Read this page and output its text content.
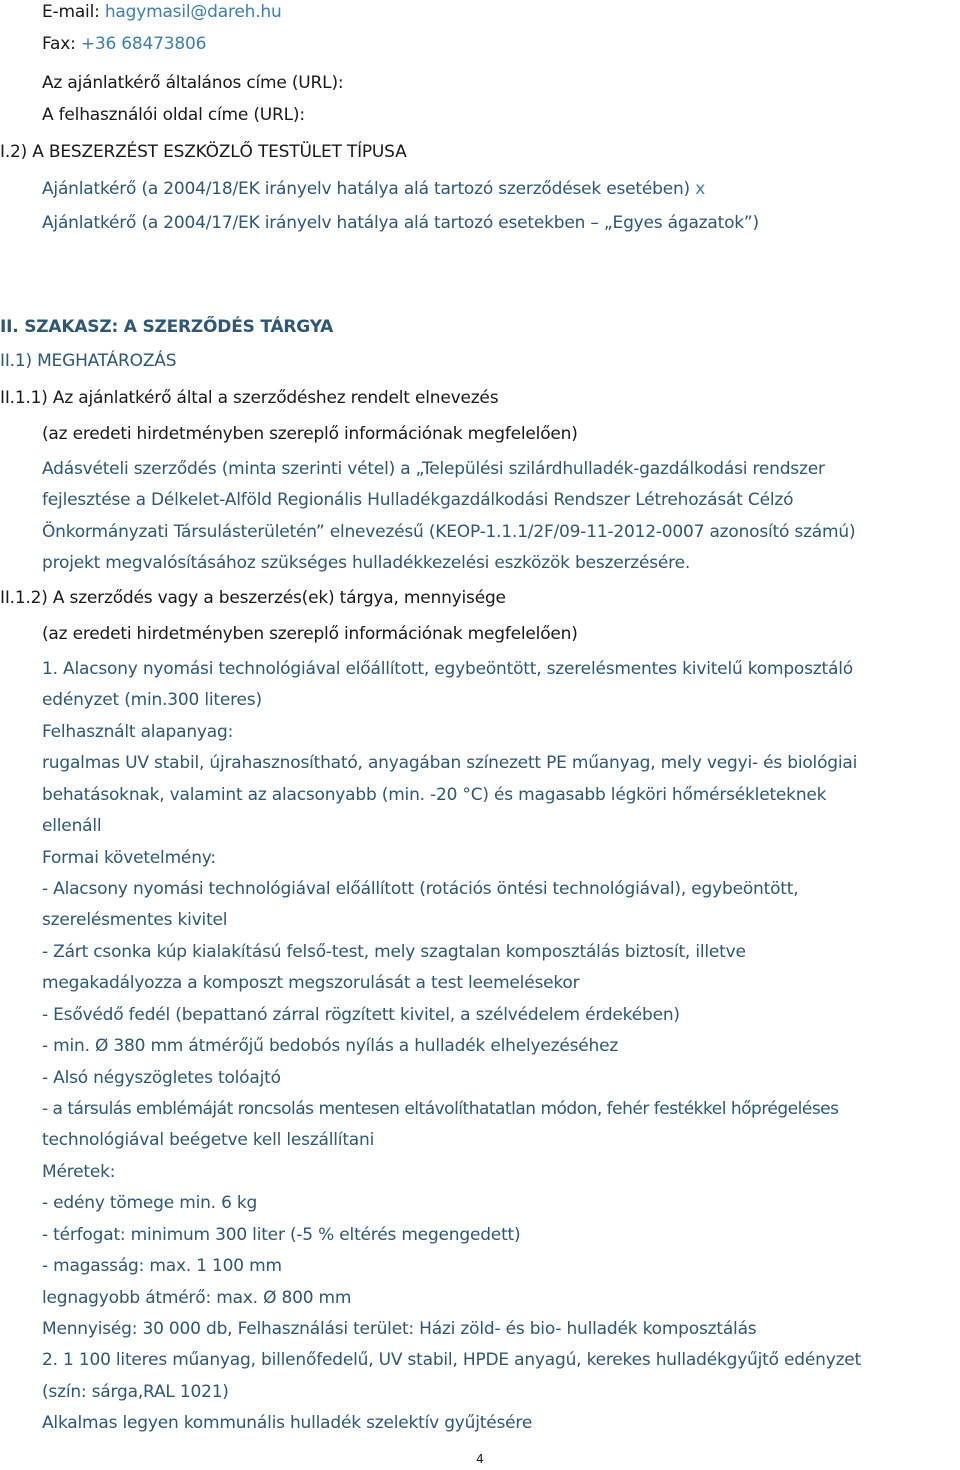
E-mail: hagymasil@dareh.hu
Fax: +36 68473806
Az ajánlatkérő általános címe (URL):
A felhasználói oldal címe (URL):
I.2) A BESZERZÉST ESZKÖZLŐ TESTÜLET TÍPUSA
Ajánlatkérő (a 2004/18/EK irányelv hatálya alá tartozó szerződések esetében) x
Ajánlatkérő (a 2004/17/EK irányelv hatálya alá tartozó esetekben – „Egyes ágazatok”)
II. SZAKASZ: A SZERZŐDÉS TÁRGYA
II.1) MEGHATÁROZÁS
II.1.1) Az ajánlatkérő által a szerződéshez rendelt elnevezés
(az eredeti hirdetményben szereplő információnak megfelelően)
Adásvételi szerződés (minta szerinti vétel) a „Települési szilárdhulladék-gazdálkodási rendszer
fejlesztése a Délkelet-Alföld Regionális Hulladékgazdálkodási Rendszer Létrehozását Célzó
Önkormányzati Társulásterületén” elnevezésű (KEOP-1.1.1/2F/09-11-2012-0007 azonosító számú)
projekt megvalósításához szükséges hulladékkezelési eszközök beszerzésére.
II.1.2) A szerződés vagy a beszerzés(ek) tárgya, mennyisége
(az eredeti hirdetményben szereplő információnak megfelelően)
1. Alacsony nyomási technológiával előállított, egybeöntött, szerelésmentes kivitelű komposztáló
edényzet (min.300 literes)
Felhasznált alapanyag:
rugalmas UV stabil, újrahasznosítható, anyagában színezett PE műanyag, mely vegyi- és biológiai
behatásoknak, valamint az alacsonyabb (min. -20 °C) és magasabb légköri hőmérsékleteknek
ellenáll
Formai követelmény:
- Alacsony nyomási technológiával előállított (rotációs öntési technológiával), egybeöntött,
szerelésmentes kivitel
- Zárt csonka kúp kialakítású felső-test, mely szagtalan komposztálás biztosít, illetve
megakadályozza a komposzt megszorulását a test leemelésekor
- Esővédő fedél (bepattanó zárral rögzített kivitel, a szélvédelem érdekében)
- min. Ø 380 mm átmérőjű bedobós nyílás a hulladék elhelyezéséhez
- Alsó négyszögletes tolóajtó
- a társulás emblémáját roncsolás mentesen eltávolíthatatlan módon, fehér festékkel hőprégeléses
technológiával beégetve kell leszállítani
Méretek:
- edény tömege min. 6 kg
- térfogat: minimum 300 liter (-5 % eltérés megengedett)
- magasság: max. 1 100 mm
legnagyobb átmérő: max. Ø 800 mm
Mennyiség: 30 000 db, Felhasználási terület: Házi zöld- és bio- hulladék komposztálás
2. 1 100 literes műanyag, billenőfedelű, UV stabil, HPDE anyagú, kerekes hulladékgyűjtő edényzet
(szín: sárga,RAL 1021)
Alkalmas legyen kommunális hulladék szelektív gyűjtésére
4
